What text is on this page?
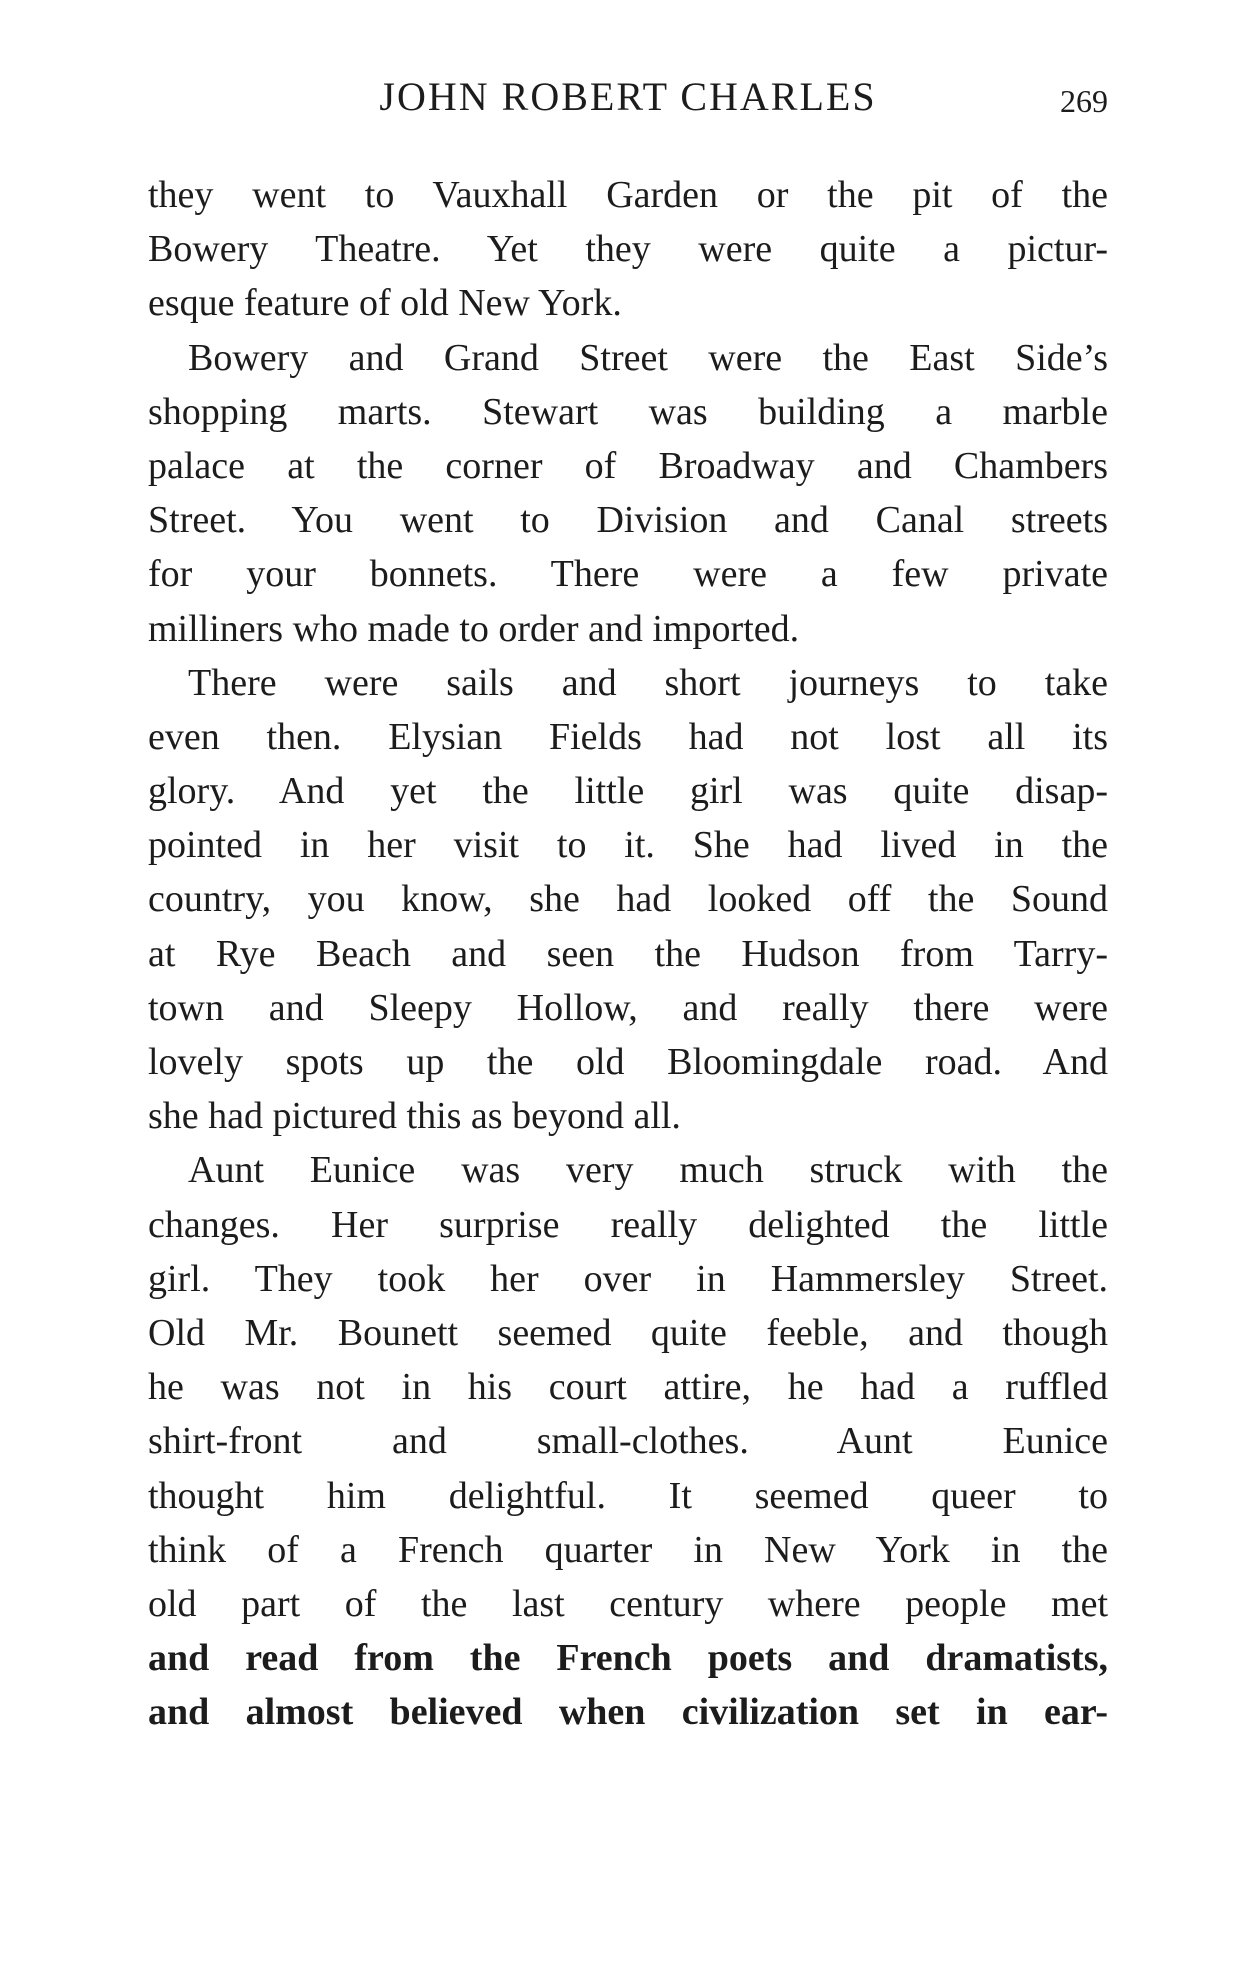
JOHN ROBERT CHARLES	269
they went to Vauxhall Garden or the pit of the
Bowery Theatre. Yet they were quite a pictur-
esque feature of old New York.
Bowery and Grand Street were the East Side’s
shopping marts. Stewart was building a marble
palace at the corner of Broadway and Chambers
Street. You went to Division and Canal streets
for your bonnets. There were a few private
milliners who made to order and imported.
There were sails and short journeys to take
even then. Elysian Fields had not lost all its
glory. And yet the little girl was quite disap-
pointed in her visit to it. She had lived in the
country, you know, she had looked off the Sound
at Rye Beach and seen the Hudson from Tarry-
town and Sleepy Hollow, and really there were
lovely spots up the old Bloomingdale road. And
she had pictured this as beyond all.
Aunt Eunice was very much struck with the
changes. Her surprise really delighted the little
girl. They took her over in Hammersley Street.
Old Mr. Bounett seemed quite feeble, and though
he was not in his court attire, he had a ruffled
shirt-front and small-clothes. Aunt Eunice
thought him delightful. It seemed queer to
think of a French quarter in New York in the
old part of the last century where people met
and read from the French poets and dramatists,
and almost believed when civilization set in ear-
